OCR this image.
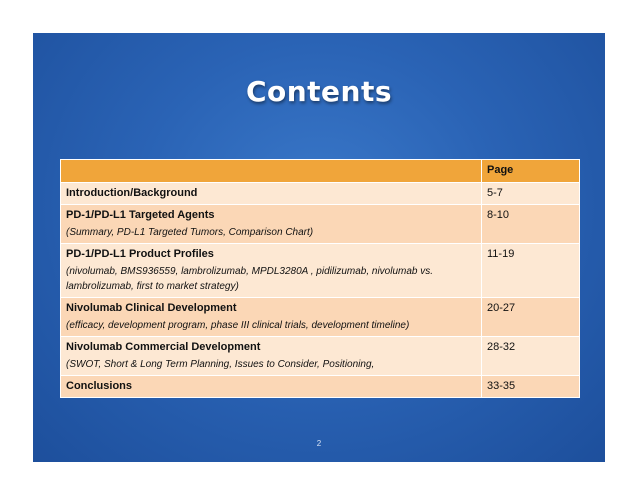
Contents
	Page

Introduction/Background	5-7

PD-1/PD-L1 Targeted Agents
(Summary, PD-L1 Targeted Tumors, Comparison Chart)	8-10

PD-1/PD-L1 Product Profiles
(nivolumab, BMS936559, lambrolizumab, MPDL3280A , pidilizumab, nivolumab vs. lambrolizumab, first to market strategy)	11-19

Nivolumab Clinical Development
(efficacy, development program, phase III clinical trials, development timeline)	20-27

Nivolumab Commercial Development
(SWOT, Short & Long Term Planning, Issues to Consider, Positioning,	28-32

Conclusions	33-35
2
